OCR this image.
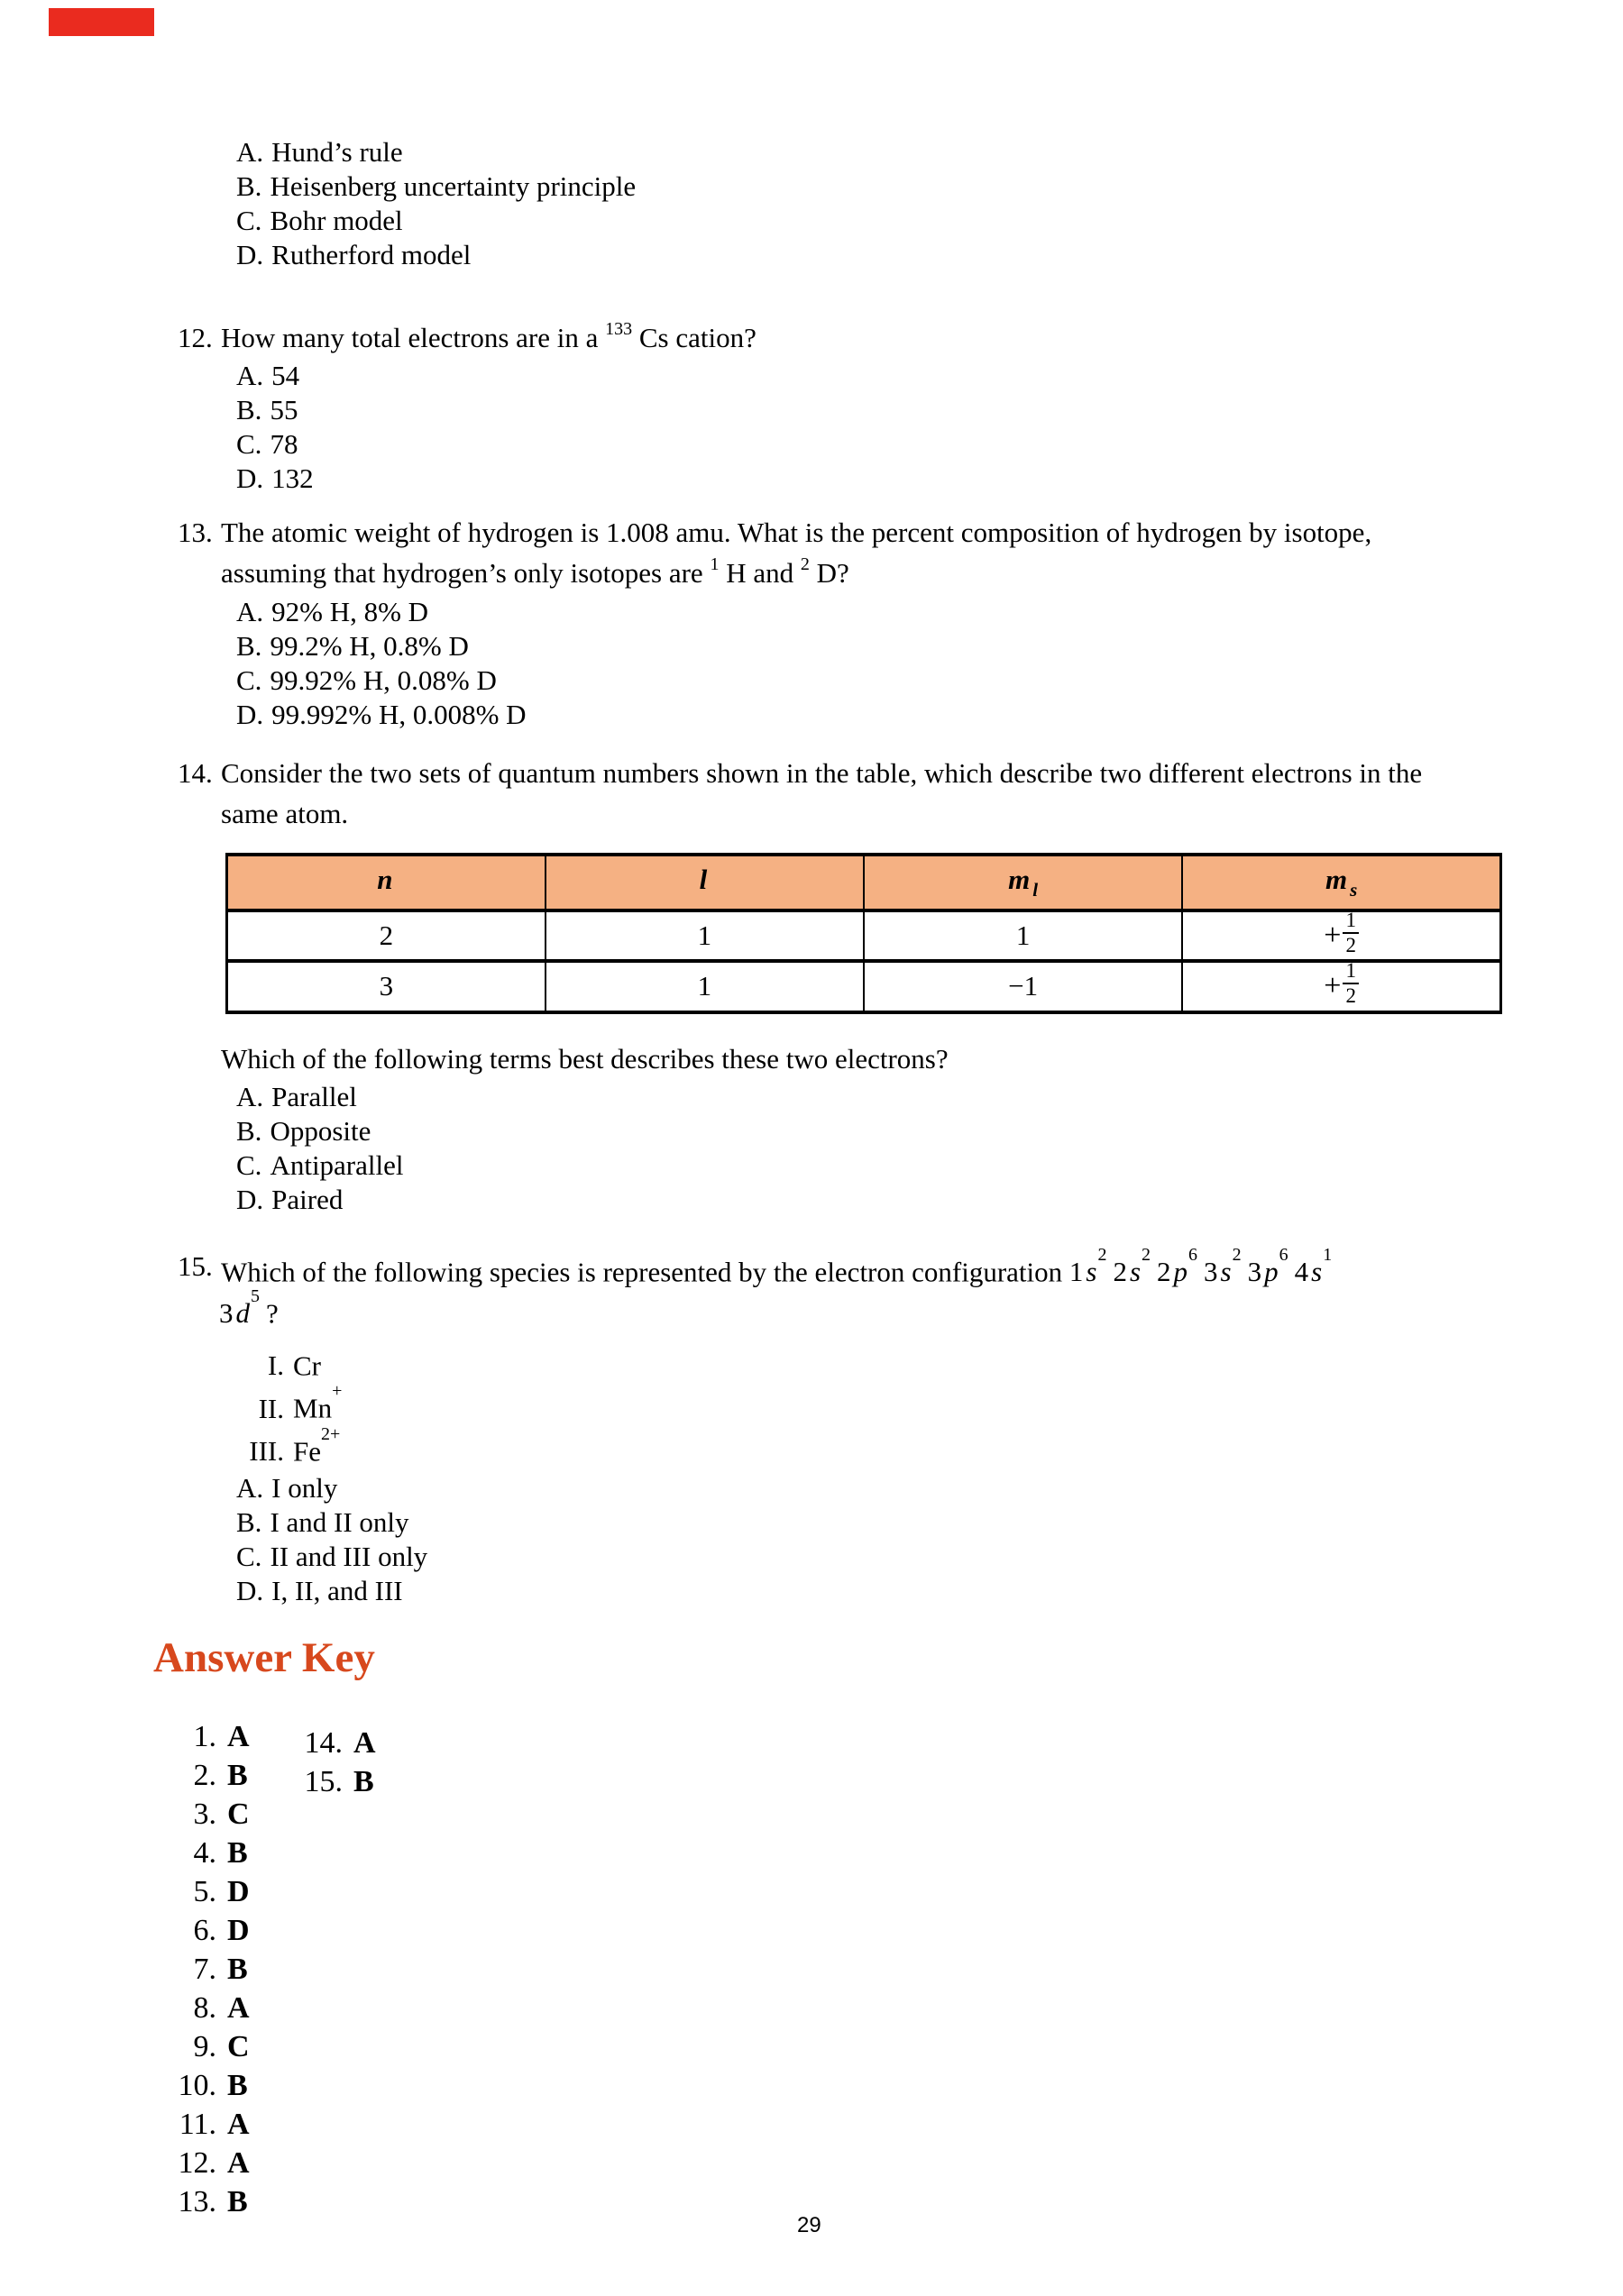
A. Hund’s rule
B. Heisenberg uncertainty principle
C. Bohr model
D. Rutherford model
12. How many total electrons are in a $^{133}$ Cs cation?
A. 54
B. 55
C. 78
D. 132
13. The atomic weight of hydrogen is 1.008 amu. What is the percent composition of hydrogen by isotope,
assuming that hydrogen’s only isotopes are $^1$ H and $^2$ D?
A. 92% H, 8% D
B. 99.2% H, 0.8% D
C. 99.92% H, 0.08% D
D. 99.992% H, 0.008% D
14. Consider the two sets of quantum numbers shown in the table, which describe two different electrons in the
same atom.
n	l	m $_l$	m $_s$
2	1	1	+ $\frac{1}{2}$

3	1	−1	+ $\frac{1}{2}$
Which of the following terms best describes these two electrons?
A. Parallel
B. Opposite
C. Antiparallel
D. Paired
15. Which of the following species is represented by the electron configuration $1s^22s^22p^63s^23p^64s^1$
$3d^5$?
I. Cr
II. Mn+
III. $Fe^{2+}$
A. I only
B. I and II only
C. II and III only
D. I, II, and III
Answer Key
1. A
2. B
3. C
4. B
5. D
6. D
7. B
8. A
9. C
10. B
11. A
12. A
13. B
14. A
15. B
29
